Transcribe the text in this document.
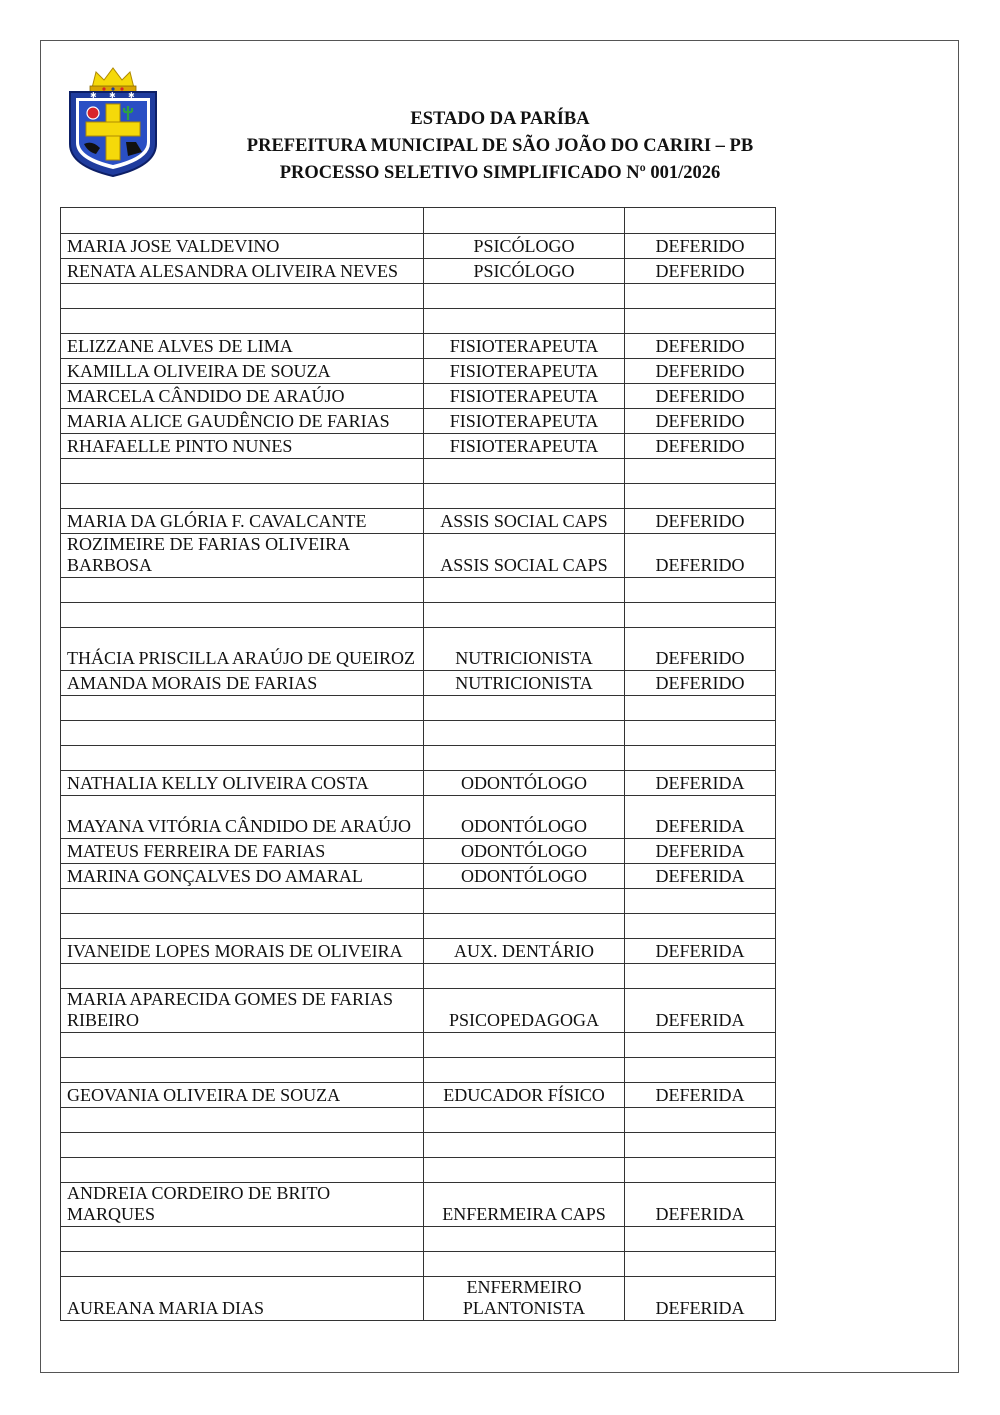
✱ ✱ ✱
ESTADO DA PARÍBA
PREFEITURA MUNICIPAL DE SÃO JOÃO DO CARIRI – PB
PROCESSO SELETIVO SIMPLIFICADO Nº 001/2026

MARIA JOSE VALDEVINO	PSICÓLOGO	DEFERIDO
RENATA ALESANDRA OLIVEIRA NEVES	PSICÓLOGO	DEFERIDO

ELIZZANE ALVES DE LIMA	FISIOTERAPEUTA	DEFERIDO
KAMILLA OLIVEIRA DE SOUZA	FISIOTERAPEUTA	DEFERIDO
MARCELA CÂNDIDO DE ARAÚJO	FISIOTERAPEUTA	DEFERIDO
MARIA ALICE GAUDÊNCIO DE FARIAS	FISIOTERAPEUTA	DEFERIDO
RHAFAELLE PINTO NUNES	FISIOTERAPEUTA	DEFERIDO

MARIA DA GLÓRIA F. CAVALCANTE	ASSIS SOCIAL CAPS	DEFERIDO
ROZIMEIRE DE FARIAS OLIVEIRA BARBOSA	ASSIS SOCIAL CAPS	DEFERIDO

THÁCIA PRISCILLA ARAÚJO DE QUEIROZ	NUTRICIONISTA	DEFERIDO
AMANDA MORAIS DE FARIAS	NUTRICIONISTA	DEFERIDO

NATHALIA KELLY OLIVEIRA COSTA	ODONTÓLOGO	DEFERIDA
MAYANA VITÓRIA CÂNDIDO DE ARAÚJO	ODONTÓLOGO	DEFERIDA
MATEUS FERREIRA DE FARIAS	ODONTÓLOGO	DEFERIDA
MARINA GONÇALVES DO AMARAL	ODONTÓLOGO	DEFERIDA

IVANEIDE LOPES MORAIS DE OLIVEIRA	AUX. DENTÁRIO	DEFERIDA

MARIA APARECIDA GOMES DE FARIAS RIBEIRO	PSICOPEDAGOGA	DEFERIDA

GEOVANIA OLIVEIRA DE SOUZA	EDUCADOR FÍSICO	DEFERIDA

ANDREIA CORDEIRO DE BRITO MARQUES	ENFERMEIRA CAPS	DEFERIDA

AUREANA MARIA DIAS	ENFERMEIRO PLANTONISTA	DEFERIDA
